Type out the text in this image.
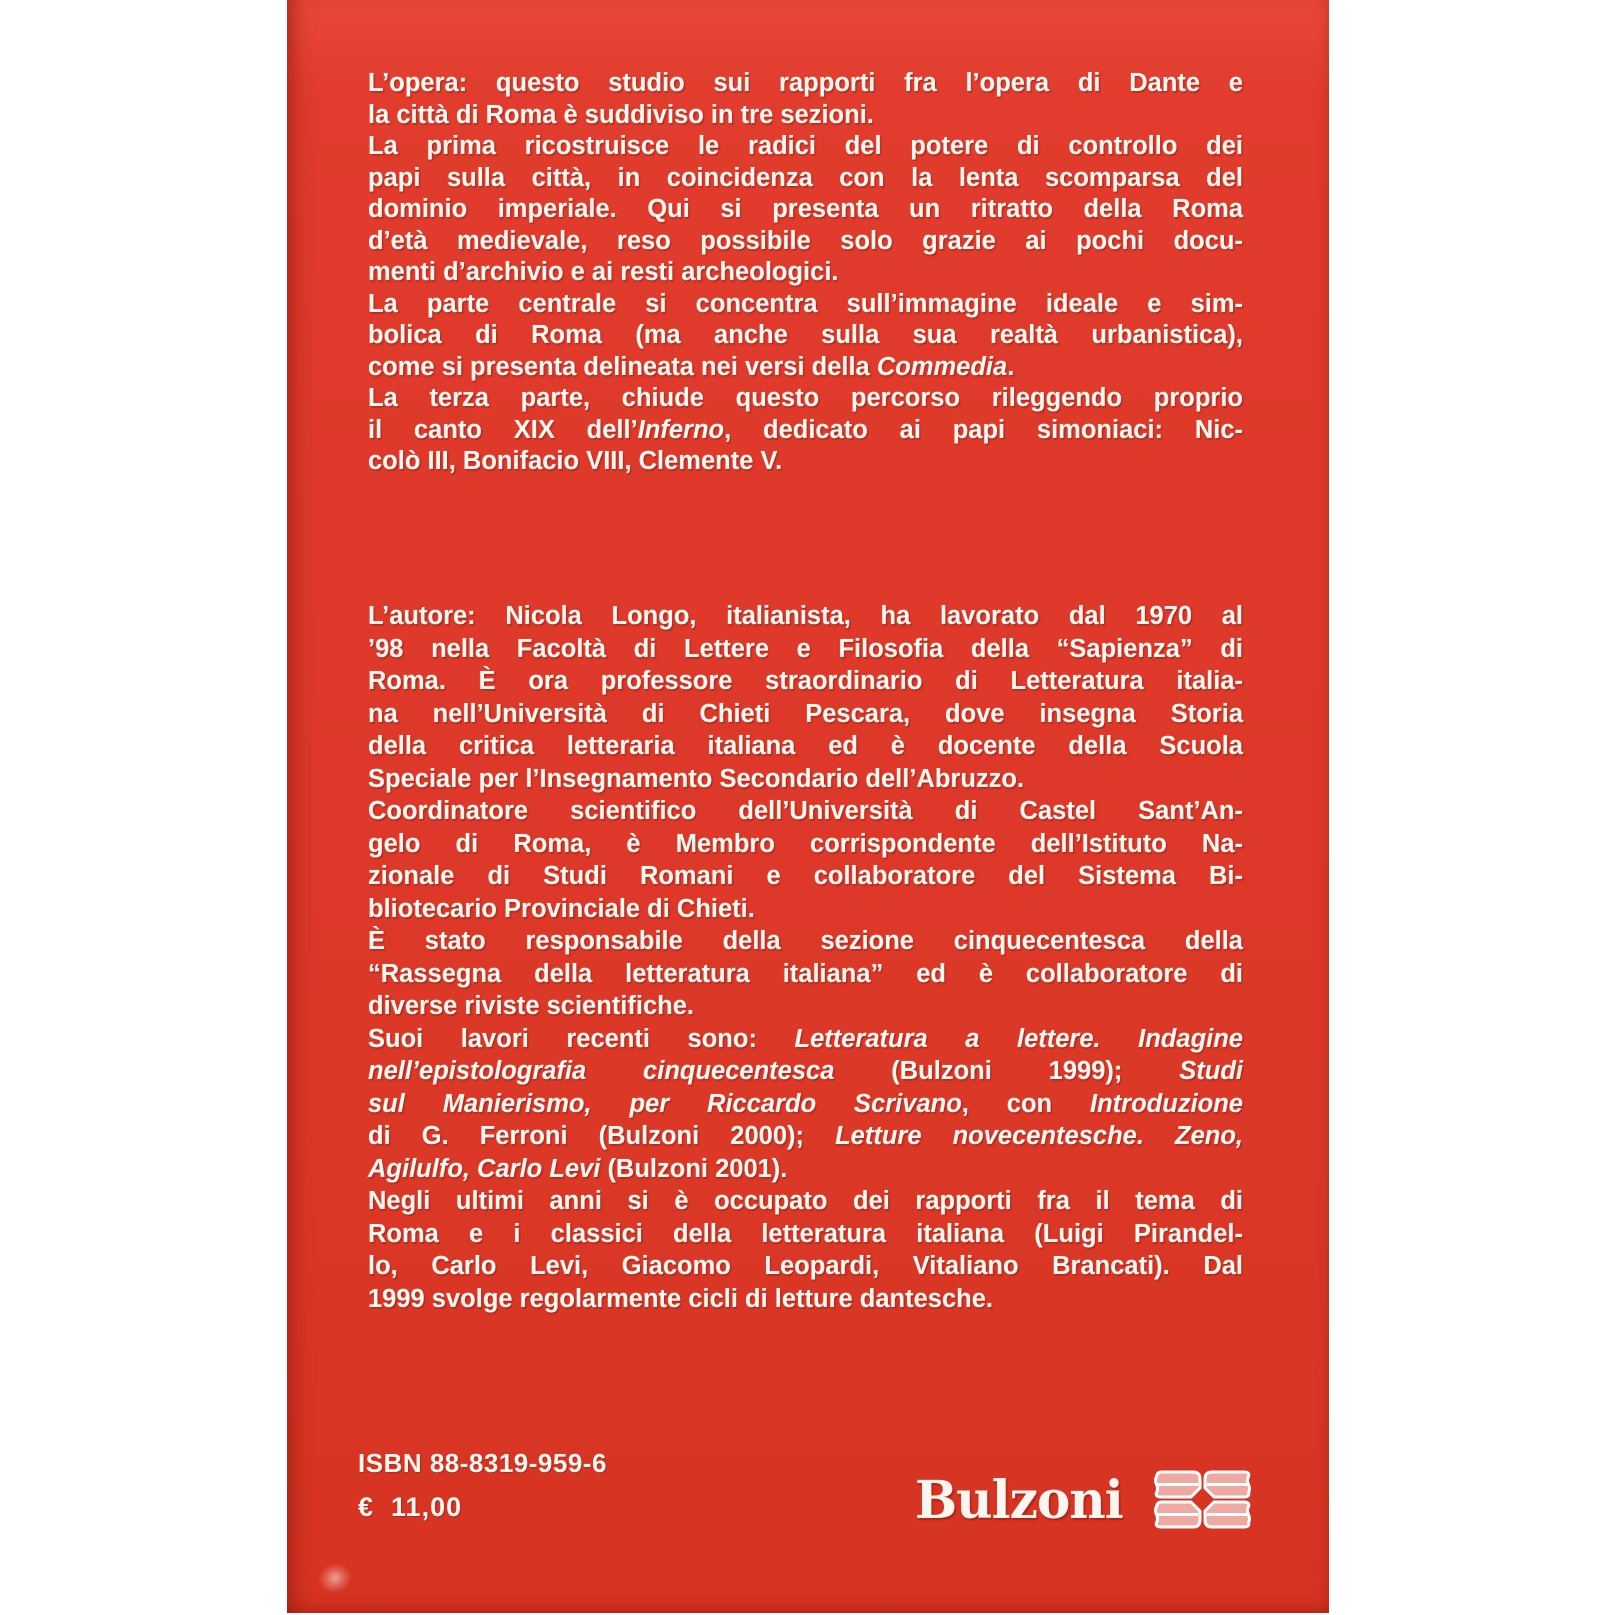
L’opera: questo studio sui rapporti fra l’opera di Dante e
la città di Roma è suddiviso in tre sezioni.
La prima ricostruisce le radici del potere di controllo dei
papi sulla città, in coincidenza con la lenta scomparsa del
dominio imperiale. Qui si presenta un ritratto della Roma
d’età medievale, reso possibile solo grazie ai pochi docu-
menti d’archivio e ai resti archeologici.
La parte centrale si concentra sull’immagine ideale e sim-
bolica di Roma (ma anche sulla sua realtà urbanistica),
come si presenta delineata nei versi della Commedia.
La terza parte, chiude questo percorso rileggendo proprio
il canto XIX dell’Inferno, dedicato ai papi simoniaci: Nic-
colò III, Bonifacio VIII, Clemente V.
L’autore: Nicola Longo, italianista, ha lavorato dal 1970 al
’98 nella Facoltà di Lettere e Filosofia della “Sapienza” di
Roma. È ora professore straordinario di Letteratura italia-
na nell’Università di Chieti Pescara, dove insegna Storia
della critica letteraria italiana ed è docente della Scuola
Speciale per l’Insegnamento Secondario dell’Abruzzo.
Coordinatore scientifico dell’Università di Castel Sant’An-
gelo di Roma, è Membro corrispondente dell’Istituto Na-
zionale di Studi Romani e collaboratore del Sistema Bi-
bliotecario Provinciale di Chieti.
È stato responsabile della sezione cinquecentesca della
“Rassegna della letteratura italiana” ed è collaboratore di
diverse riviste scientifiche.
Suoi lavori recenti sono: Letteratura a lettere. Indagine
nell’epistolografia cinquecentesca (Bulzoni 1999); Studi
sul Manierismo, per Riccardo Scrivano, con Introduzione
di G. Ferroni (Bulzoni 2000); Letture novecentesche. Zeno,
Agilulfo, Carlo Levi (Bulzoni 2001).
Negli ultimi anni si è occupato dei rapporti fra il tema di
Roma e i classici della letteratura italiana (Luigi Pirandel-
lo, Carlo Levi, Giacomo Leopardi, Vitaliano Brancati). Dal
1999 svolge regolarmente cicli di letture dantesche.
ISBN 88-8319-959-6
€ 11,00	Bulzoni
